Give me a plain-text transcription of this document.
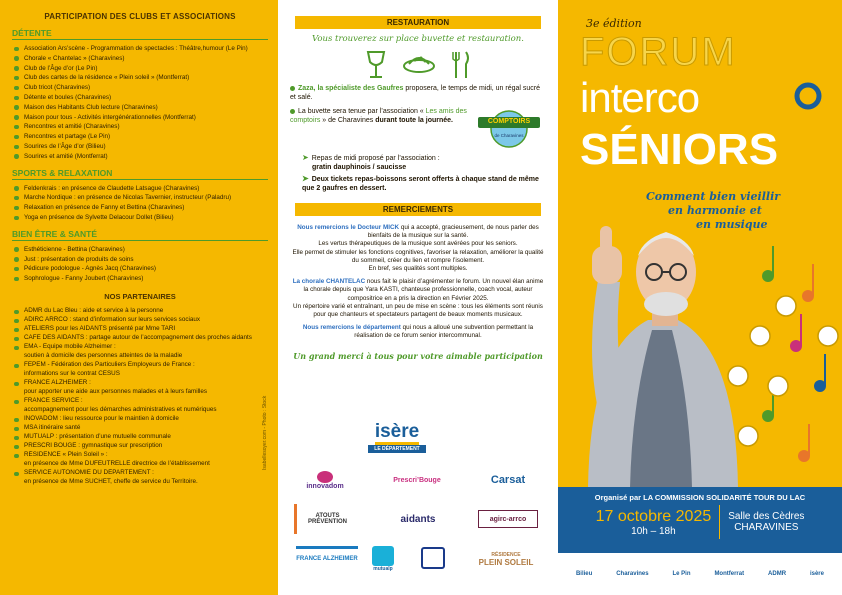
PARTICIPATION DES CLUBS ET ASSOCIATIONS
DÉTENTE
Association Ars’scène - Programmation de spectacles : Théâtre,humour (Le Pin)
Chorale « Chantelac » (Charavines)
Club de l’Âge d’or (Le Pin)
Club des cartes de la résidence « Plein soleil » (Montferrat)
Club tricot (Charavines)
Détente et boules (Charavines)
Maison des Habitants Club lecture (Charavines)
Maison pour tous - Activités intergénérationnelles (Montferrat)
Rencontres et amitié (Charavines)
Rencontres et partage (Le Pin)
Sourires de l’Âge d’or (Bilieu)
Sourires et amitié (Montferrat)
SPORTS & RELAXATION
Feldenkrais : en présence de Claudette Latsague (Charavines)
Marche Nordique : en présence de Nicolas Tavernier, instructeur (Paladru)
Relaxation en présence de Fanny et Bettina (Charavines)
Yoga en présence de Sylvette Delacour Dollet (Bilieu)
BIEN ÊTRE & SANTÉ
Esthéticienne - Bettina (Charavines)
Just : présentation de produits de soins
Pédicure podologue - Agnès Jacq (Charavines)
Sophrologue - Fanny Joubert (Charavines)
NOS PARTENAIRES
ADMR du Lac Bleu : aide et service à la personne
ADIRC ARRCO : stand d’information sur leurs services sociaux
ATELIERS pour les AIDANTS présenté par Mme TARI
CAFE DES AIDANTS : partage autour de l’accompagnement des proches aidants
EMA - Equipe mobile Alzheimer :
soutien à domicile des personnes atteintes de la maladie
FEPEM - Fédération des Particuliers Employeurs de France :
informations sur le contrat CESUS
FRANCE ALZHEIMER :
pour apporter une aide aux personnes malades et à leurs familles
FRANCE SERVICE :
accompagnement pour les démarches administratives et numériques
INOVADOM : lieu ressource pour le maintien à domicile
MSA itinéraire santé
MUTUALP : présentation d’une mutuelle communale
PRESCRI BOUGE : gymnastique sur prescription
RÉSIDENCE « Plein Soleil » :
en présence de Mme DUFEUTRELLE directrice de l’établissement
SERVICE AUTONOMIE DU DÉPARTEMENT :
en présence de Mme SUCHET, cheffe de service du Territoire.
Isabellesoyer.com - Photo : Stock
RESTAURATION
Vous trouverez sur place buvette et restauration.

Zaza, la spécialiste des Gaufres proposera, le temps de midi, un régal sucré et salé.

La buvette sera tenue par l’association « Les amis des comptoirs » de Charavines durant toute la journée.	COMPTOIRS
de Charavines

➤ Repas de midi proposé par l’association :
gratin dauphinois / saucisse

➤ Deux tickets repas-boissons seront offerts à chaque stand de même que 2 gaufres en dessert.

REMERCIEMENTS

Nous remercions le Docteur MICK qui a accepté, gracieusement, de nous parler des bienfaits de la musique sur la santé.

Les vertus thérapeutiques de la musique sont avérées pour les seniors.

Elle permet de stimuler les fonctions cognitives, favoriser la relaxation, améliorer la qualité du sommeil, créer du lien et rompre l’isolement.

En bref, ses qualités sont multiples.

La chorale CHANTELAC nous fait le plaisir d’agrémenter le forum. Un nouvel élan anime la chorale depuis que Yara KASTI, chanteuse professionnelle, coach vocal, auteur compositrice en a pris la direction en Février 2025.

Un répertoire varié et entraînant, un peu de mise en scène : tous les éléments sont réunis pour que chanteurs et spectateurs partagent de beaux moments musicaux.

Nous remercions le département qui nous a alloué une subvention permettant la réalisation de ce forum senior intercommunal.

Un grand merci à tous pour votre aimable participation
isère
LE DÉPARTEMENT
innovadom
Prescri’Bouge	Carsat
ATOUTS PRÉVENTION	aidants	agirc-arrco
FRANCE ALZHEIMER
mutualp
RÉSIDENCE
PLEIN SOLEIL
3e édition
FORUM
interco
SÉNIORS
Comment bien vieillir
en harmonie et
en musique
Organisé par LA COMMISSION SOLIDARITÉ TOUR DU LAC
17 octobre 2025
10h – 18h
Salle des Cèdres
CHARAVINES
Bilieu	Charavines	Le Pin	Montferrat	ADMR	isère
